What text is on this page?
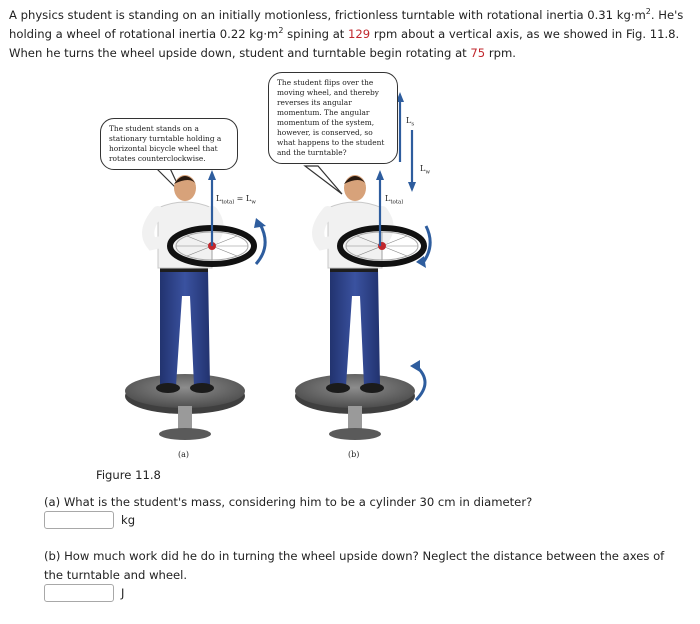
A physics student is standing on an initially motionless, frictionless turntable with rotational inertia 0.31 $kg\cdot m^2$. He's holding a wheel of rotational inertia 0.22 $kg\cdot m^2$ spining at 129 rpm about a vertical axis, as we showed in Fig. 11.8. When he turns the wheel upside down, student and turntable begin rotating at 75 rpm.
The student stands on a stationary turntable holding a horizontal bicycle wheel that rotates counterclockwise.
The student flips over the moving wheel, and thereby reverses its angular momentum. The angular momentum of the system, however, is conserved, so what happens to the student and the turntable?
$L_{total} = L_w$	$L_{total}$
$L_s$
$L_w$
(a)	(b)
Figure 11.8
(a) What is the student's mass, considering him to be a cylinder 30 cm in diameter?
kg
(b) How much work did he do in turning the wheel upside down? Neglect the distance between the axes of the turntable and wheel.
J
